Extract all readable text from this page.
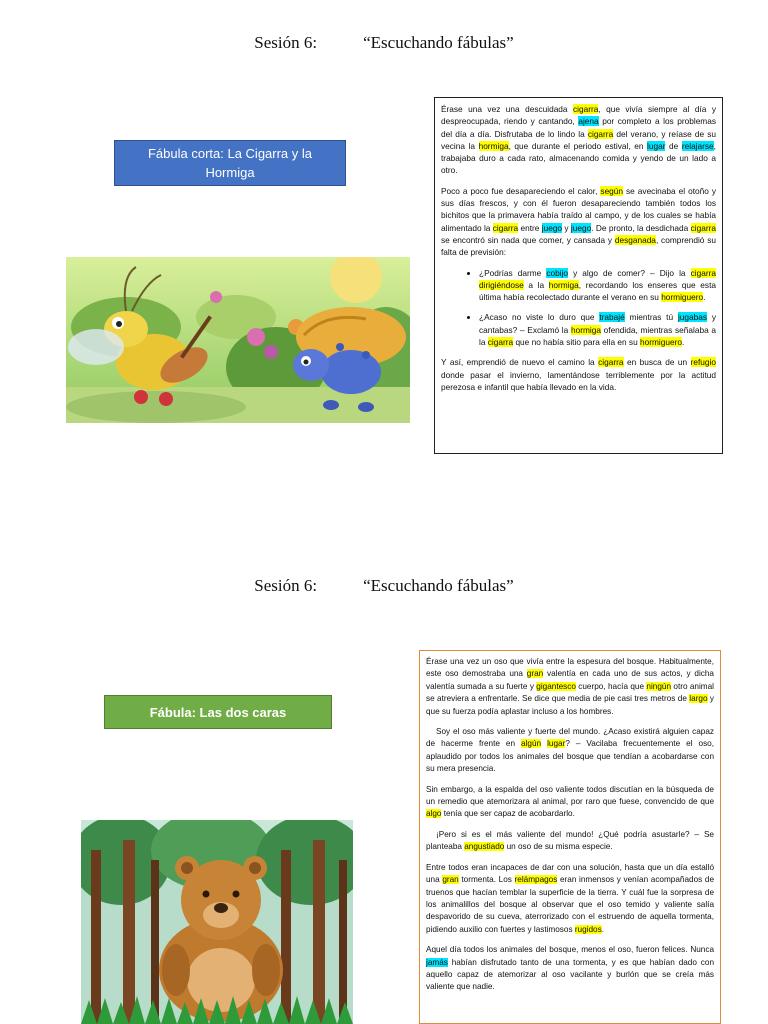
Sesión 6:	“Escuchando fábulas”
Fábula corta: La Cigarra y la Hormiga

Érase una vez una descuidada cigarra, que vivía siempre al día y despreocupada, riendo y cantando, ajena por completo a los problemas del día a día. Disfrutaba de lo lindo la cigarra del verano, y reíase de su vecina la hormiga, que durante el periodo estival, en lugar de relajarse, trabajaba duro a cada rato, almacenando comida y yendo de un lado a otro.

Poco a poco fue desapareciendo el calor, según se avecinaba el otoño y sus días frescos, y con él fueron desapareciendo también todos los bichitos que la primavera había traído al campo, y de los cuales se había alimentado la cigarra entre juego y juego. De pronto, la desdichada cigarra se encontró sin nada que comer, y cansada y desganada, comprendió su falta de previsión:

• ¿Podrías darme cobijo y algo de comer? – Dijo la cigarra dirigiéndose a la hormiga, recordando los enseres que esta última había recolectado durante el verano en su hormiguero.
• ¿Acaso no viste lo duro que trabajé mientras tú jugabas y cantabas? – Exclamó la hormiga ofendida, mientras señalaba a la cigarra que no había sitio para ella en su hormiguero.

Y así, emprendió de nuevo el camino la cigarra en busca de un refugio donde pasar el invierno, lamentándose terriblemente por la actitud perezosa e infantil que había llevado en la vida.

Sesión 6:	“Escuchando fábulas”
Fábula: Las dos caras

Érase una vez un oso que vivía entre la espesura del bosque. Habitualmente, este oso demostraba una gran valentía en cada uno de sus actos, y dicha valentía sumada a su fuerte y gigantesco cuerpo, hacía que ningún otro animal se atreviera a enfrentarle. Se dice que media de pie casi tres metros de largo y que su fuerza podía aplastar incluso a los hombres.

Soy el oso más valiente y fuerte del mundo. ¿Acaso existirá alguien capaz de hacerme frente en algún lugar? – Vacilaba frecuentemente el oso, aplaudido por todos los animales del bosque que tendían a acobardarse con su mera presencia.

Sin embargo, a la espalda del oso valiente todos discutían en la búsqueda de un remedio que atemorizara al animal, por raro que fuese, convencido de que algo tenía que ser capaz de acobardarlo.

¡Pero si es el más valiente del mundo! ¿Qué podría asustarle? – Se planteaba angustiado un oso de su misma especie.

Entre todos eran incapaces de dar con una solución, hasta que un día estalló una gran tormenta. Los relámpagos eran inmensos y venían acompañados de truenos que hacían temblar la superficie de la tierra. Y cuál fue la sorpresa de los animalillos del bosque al observar que el oso temido y valiente salía despavorido de su cueva, aterrorizado con el estruendo de aquella tormenta, pidiendo auxilio con fuertes y lastimosos rugidos.

Aquel día todos los animales del bosque, menos el oso, fueron felices. Nunca jamás habían disfrutado tanto de una tormenta, y es que habían dado con aquello capaz de atemorizar al oso vacilante y burlón que se creía más valiente que nadie.
